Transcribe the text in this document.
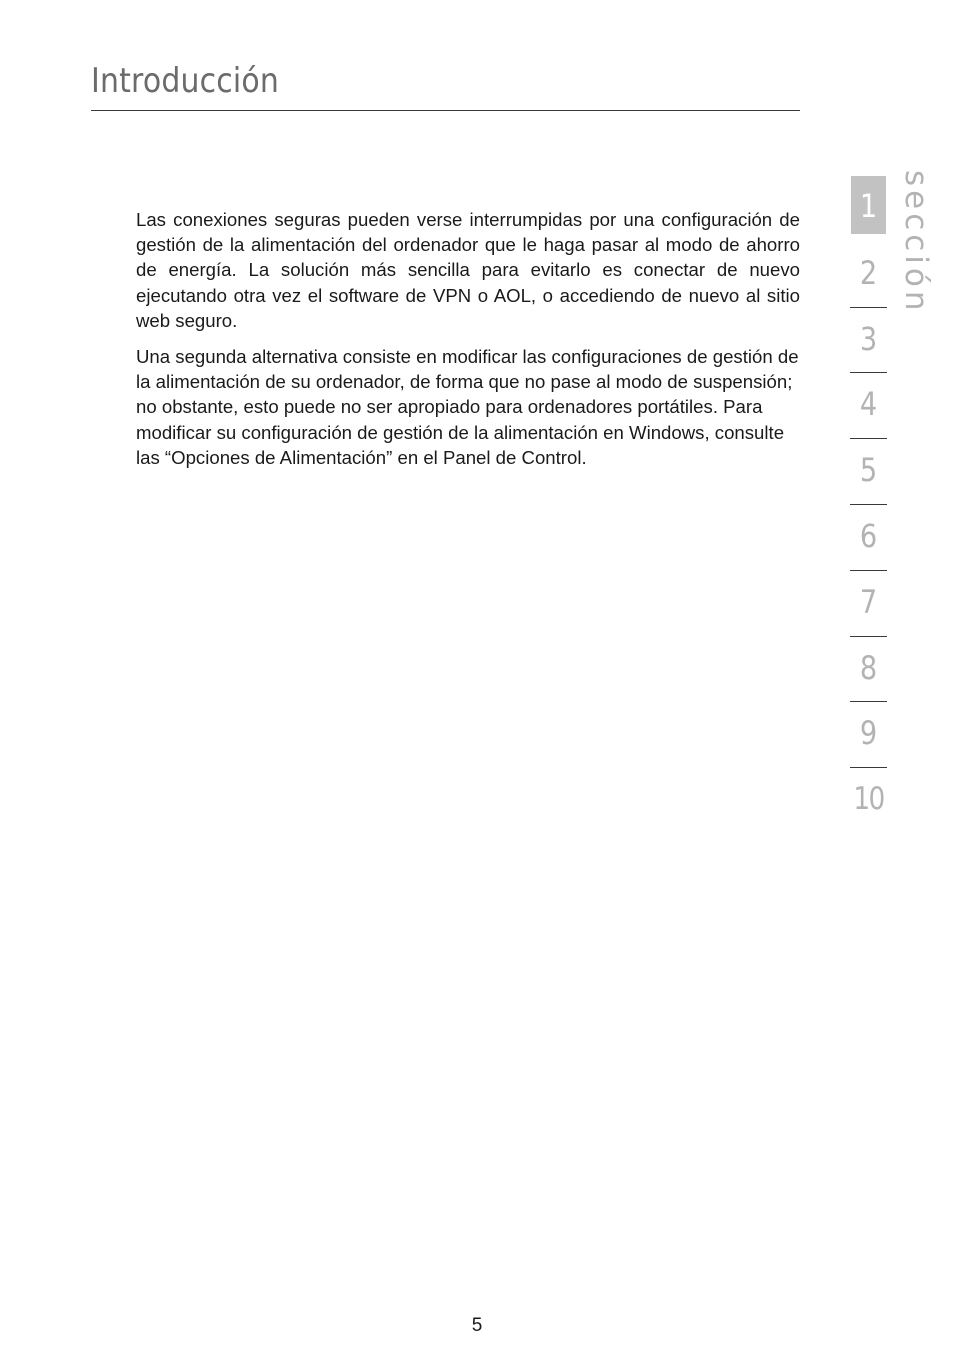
Introducción

Las conexiones seguras pueden verse interrumpidas por una configuración de gestión de la alimentación del ordenador que le haga pasar al modo de ahorro de energía. La solución más sencilla para evitarlo es conectar de nuevo ejecutando otra vez el software de VPN o AOL, o accediendo de nuevo al sitio web seguro.

Una segunda alternativa consiste en modificar las configuraciones de gestión de la alimentación de su ordenador, de forma que no pase al modo de suspensión; no obstante, esto puede no ser apropiado para ordenadores portátiles. Para modificar su configuración de gestión de la alimentación en Windows, consulte las “Opciones de Alimentación” en el Panel de Control.

sección
1
2
3
4
5
6
7
8
9
10
5
